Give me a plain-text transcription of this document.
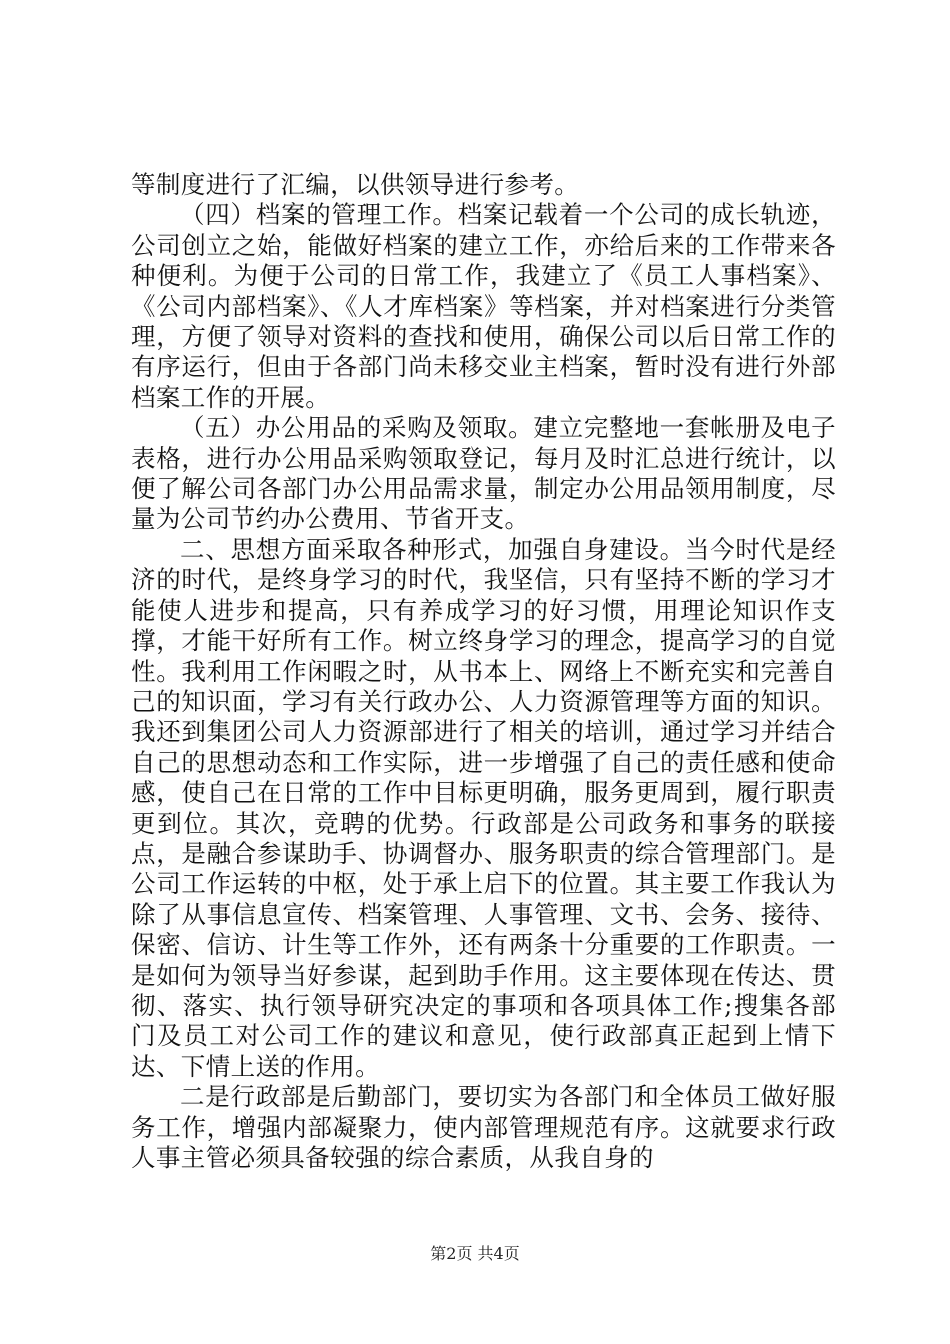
等制度进行了汇编，以供领导进行参考。

（四）档案的管理工作。档案记载着一个公司的成长轨迹，公司创立之始，能做好档案的建立工作，亦给后来的工作带来各种便利。为便于公司的日常工作，我建立了《员工人事档案》、《公司内部档案》、《人才库档案》等档案，并对档案进行分类管理，方便了领导对资料的查找和使用，确保公司以后日常工作的有序运行，但由于各部门尚未移交业主档案，暂时没有进行外部档案工作的开展。

（五）办公用品的采购及领取。建立完整地一套帐册及电子表格，进行办公用品采购领取登记，每月及时汇总进行统计，以便了解公司各部门办公用品需求量，制定办公用品领用制度，尽量为公司节约办公费用、节省开支。

二、思想方面采取各种形式，加强自身建设。当今时代是经济的时代，是终身学习的时代，我坚信，只有坚持不断的学习才能使人进步和提高，只有养成学习的好习惯，用理论知识作支撑，才能干好所有工作。树立终身学习的理念，提高学习的自觉性。我利用工作闲暇之时，从书本上、网络上不断充实和完善自己的知识面，学习有关行政办公、人力资源管理等方面的知识。我还到集团公司人力资源部进行了相关的培训，通过学习并结合自己的思想动态和工作实际，进一步增强了自己的责任感和使命感，使自己在日常的工作中目标更明确，服务更周到，履行职责更到位。其次，竞聘的优势。行政部是公司政务和事务的联接点，是融合参谋助手、协调督办、服务职责的综合管理部门。是公司工作运转的中枢，处于承上启下的位置。其主要工作我认为除了从事信息宣传、档案管理、人事管理、文书、会务、接待、保密、信访、计生等工作外，还有两条十分重要的工作职责。一是如何为领导当好参谋，起到助手作用。这主要体现在传达、贯彻、落实、执行领导研究决定的事项和各项具体工作;搜集各部门及员工对公司工作的建议和意见，使行政部真正起到上情下达、下情上送的作用。

二是行政部是后勤部门，要切实为各部门和全体员工做好服务工作，增强内部凝聚力，使内部管理规范有序。这就要求行政人事主管必须具备较强的综合素质，从我自身的

第2页 共4页
